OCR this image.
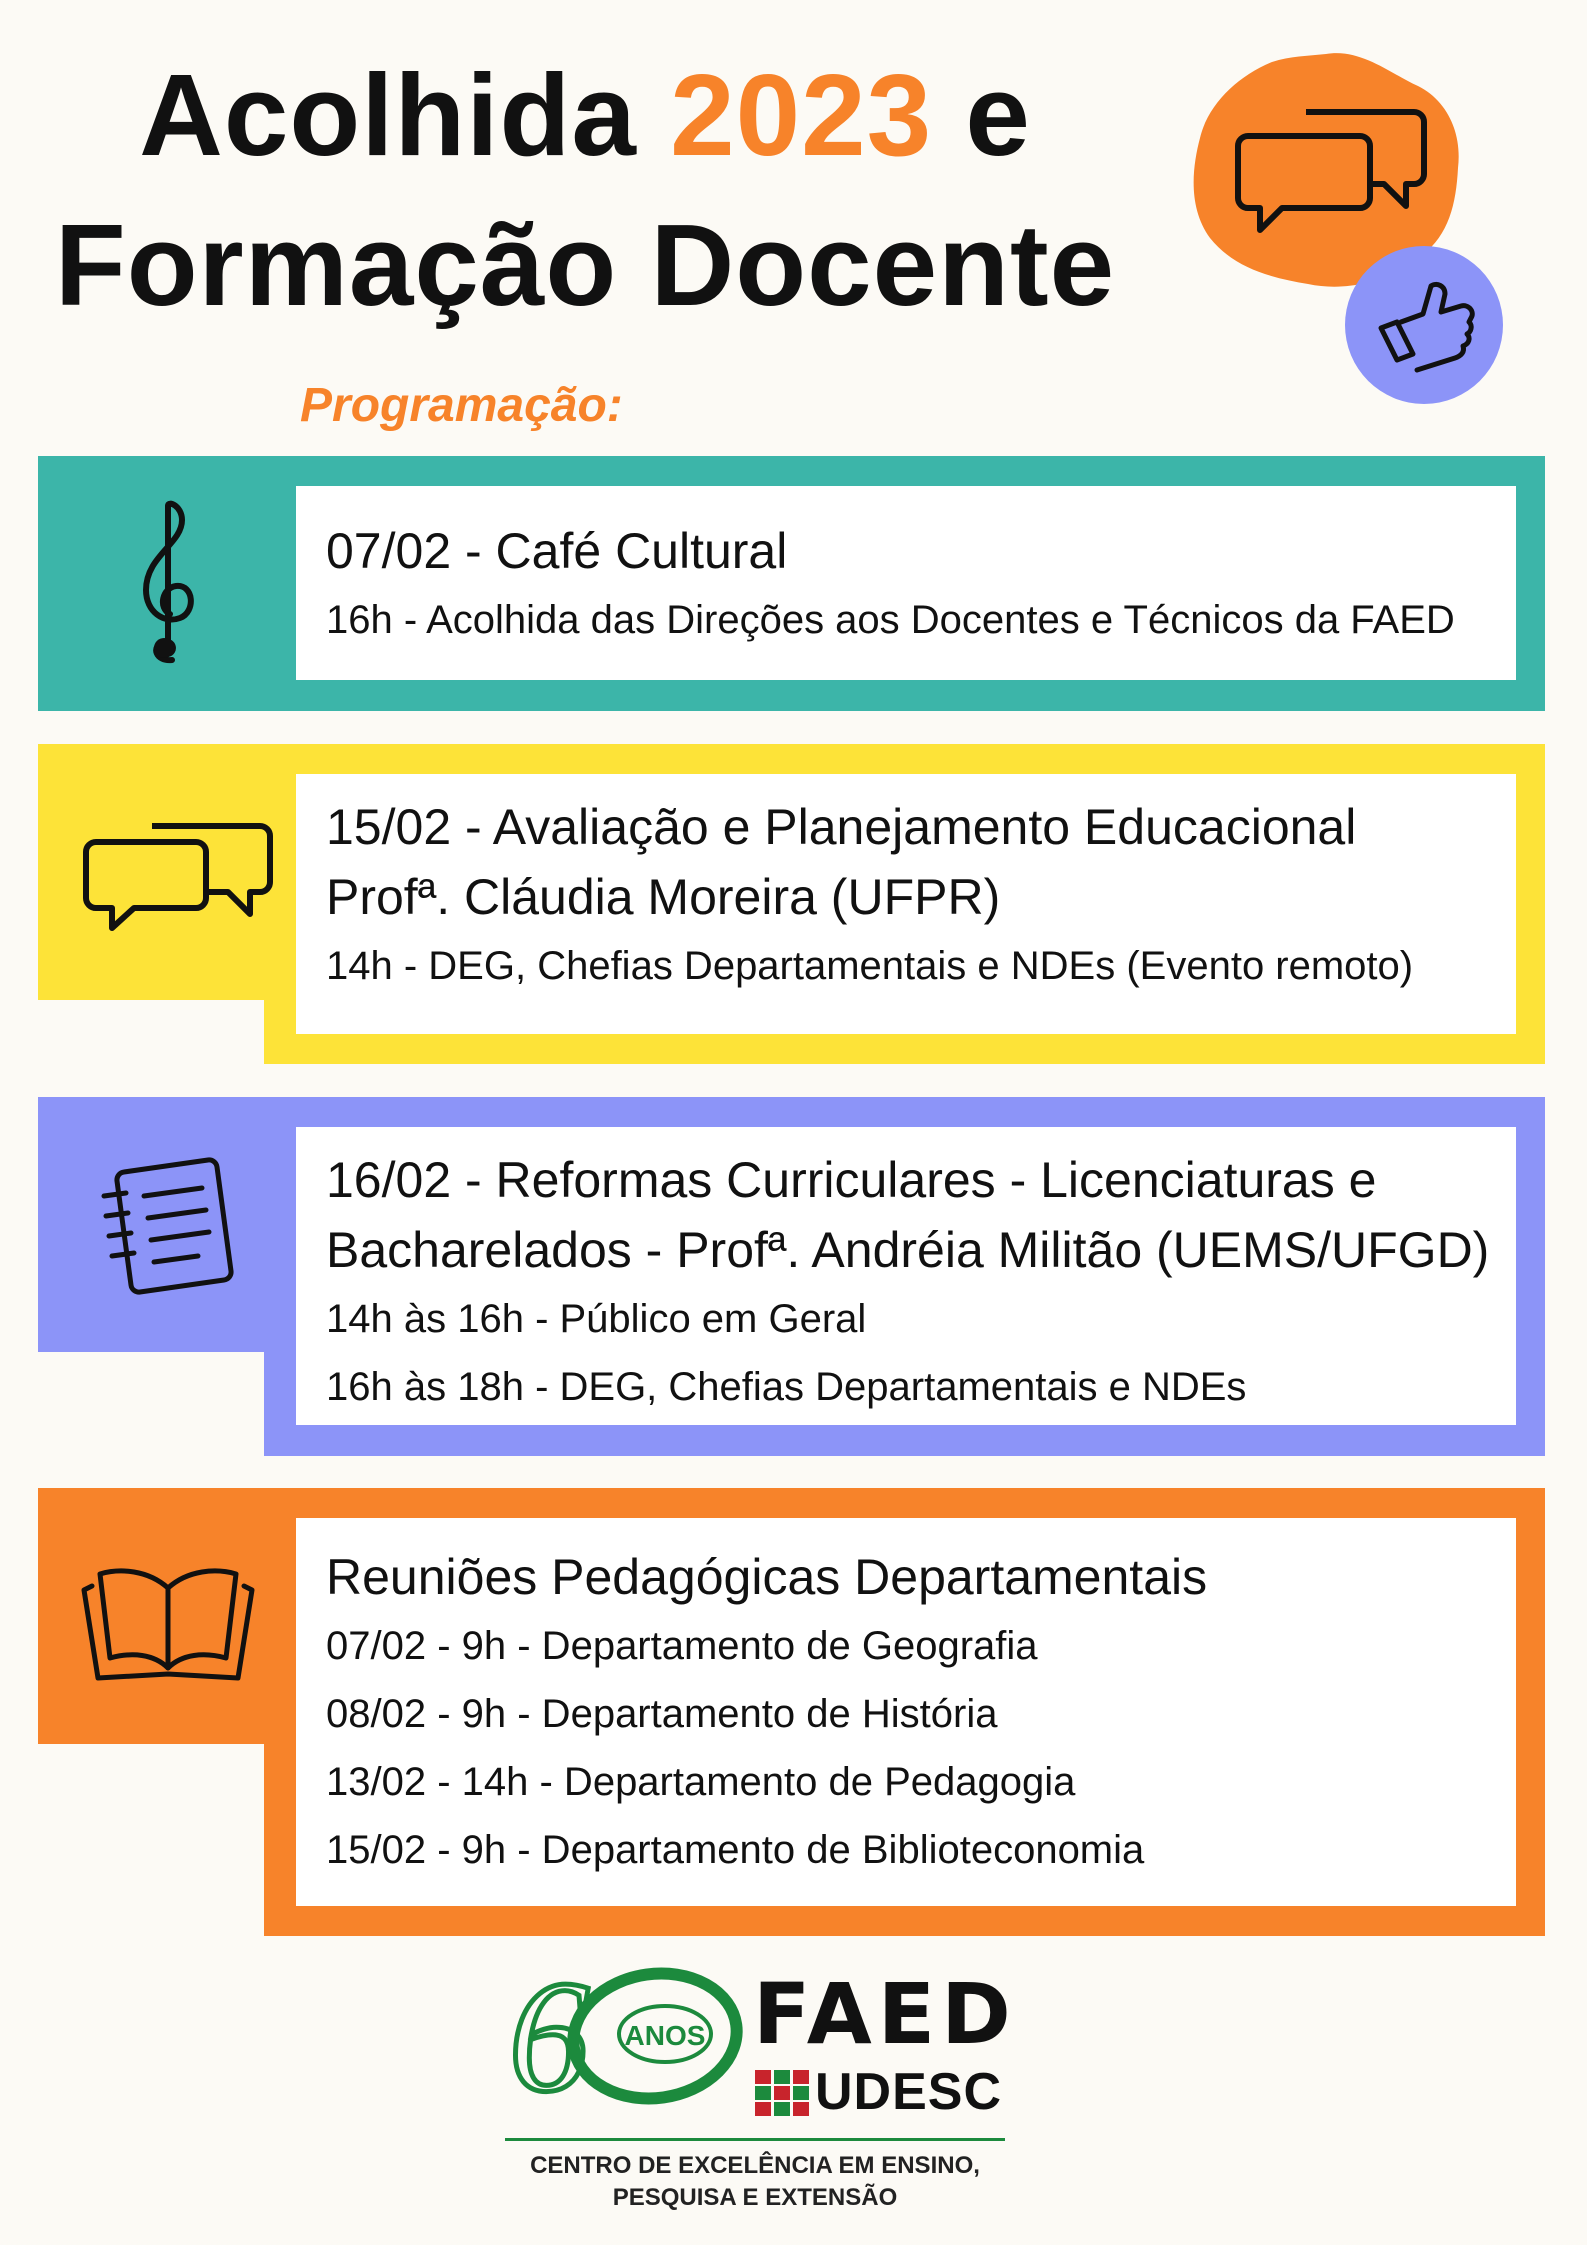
Acolhida 2023 e
Formação Docente
Programação:

07/02 - Café Cultural

16h - Acolhida das Direções aos Docentes e Técnicos da FAED

15/02 - Avaliação e Planejamento Educacional

Profª. Cláudia Moreira (UFPR)

14h - DEG, Chefias Departamentais e NDEs (Evento remoto)

16/02 - Reformas Curriculares - Licenciaturas e

Bacharelados - Profª. Andréia Militão (UEMS/UFGD)

14h às 16h - Público em Geral

16h às 18h - DEG, Chefias Departamentais e NDEs

Reuniões Pedagógicas Departamentais

07/02 - 9h - Departamento de Geografia

08/02 - 9h - Departamento de História

13/02 - 14h - Departamento de Pedagogia

15/02 - 9h - Departamento de Biblioteconomia

6 ANOS FAED
UDESC
CENTRO DE EXCELÊNCIA EM ENSINO,
PESQUISA E EXTENSÃO
